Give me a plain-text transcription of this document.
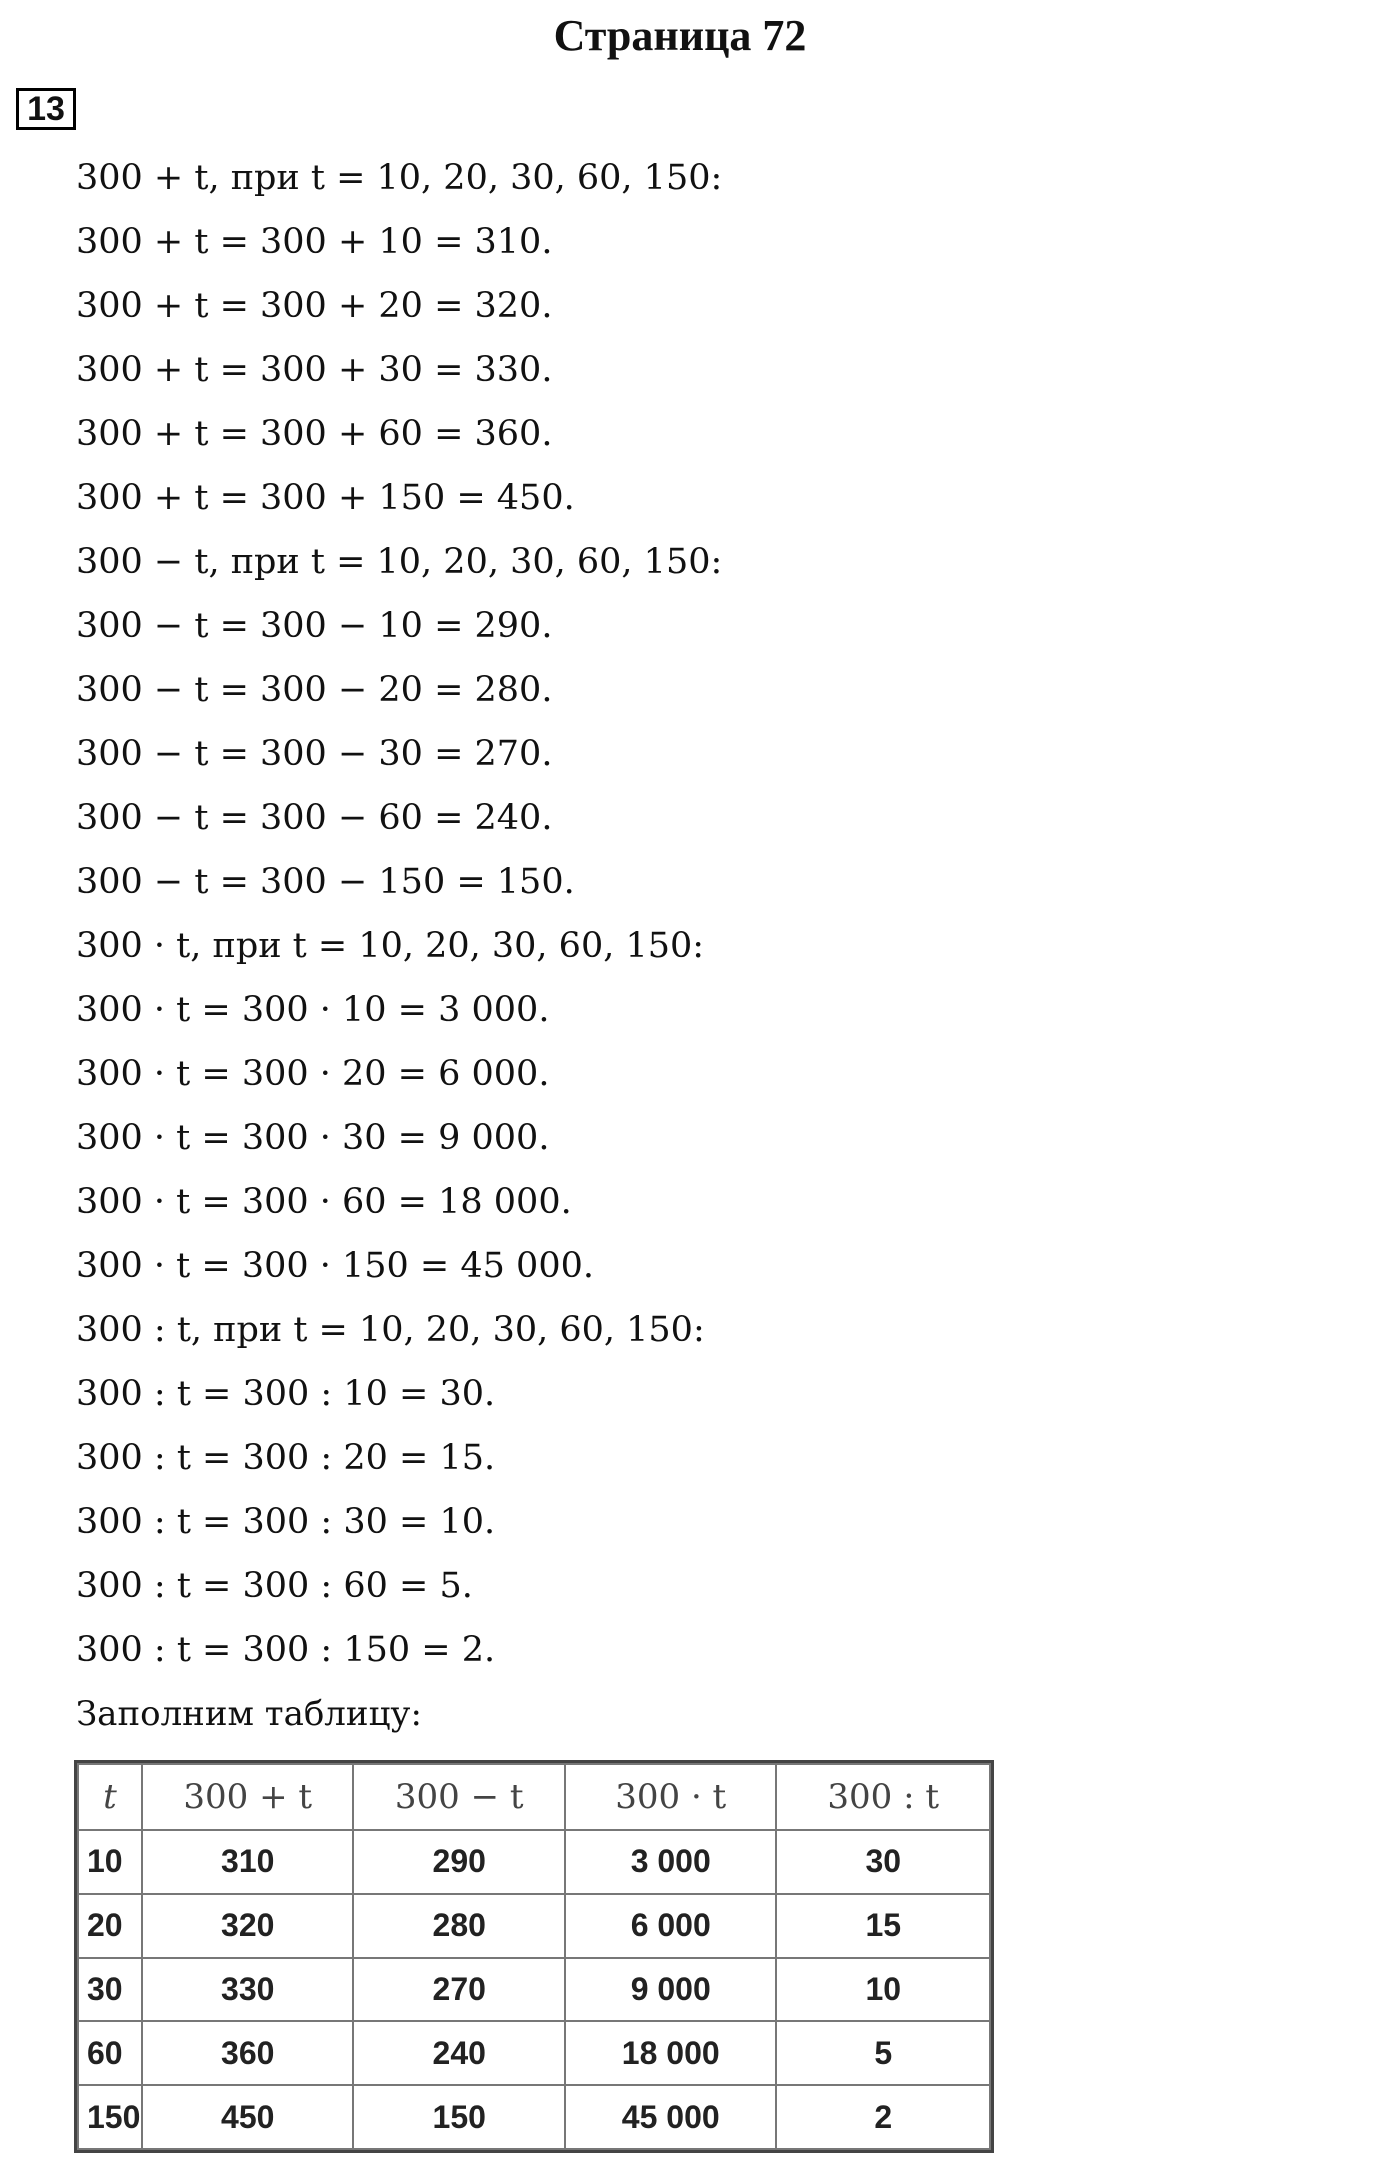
Страница 72
13
300 + t, при t = 10, 20, 30, 60, 150:
300 + t = 300 + 10 = 310.
300 + t = 300 + 20 = 320.
300 + t = 300 + 30 = 330.
300 + t = 300 + 60 = 360.
300 + t = 300 + 150 = 450.
300 − t, при t = 10, 20, 30, 60, 150:
300 − t = 300 − 10 = 290.
300 − t = 300 − 20 = 280.
300 − t = 300 − 30 = 270.
300 − t = 300 − 60 = 240.
300 − t = 300 − 150 = 150.
300 · t, при t = 10, 20, 30, 60, 150:
300 · t = 300 · 10 = 3 000.
300 · t = 300 · 20 = 6 000.
300 · t = 300 · 30 = 9 000.
300 · t = 300 · 60 = 18 000.
300 · t = 300 · 150 = 45 000.
300 : t, при t = 10, 20, 30, 60, 150:
300 : t = 300 : 10 = 30.
300 : t = 300 : 20 = 15.
300 : t = 300 : 30 = 10.
300 : t = 300 : 60 = 5.
300 : t = 300 : 150 = 2.
Заполним таблицу:
t	300 + t	300 − t	300 · t	300 : t
10	310	290	3 000	30
20	320	280	6 000	15
30	330	270	9 000	10
60	360	240	18 000	5
150	450	150	45 000	2
